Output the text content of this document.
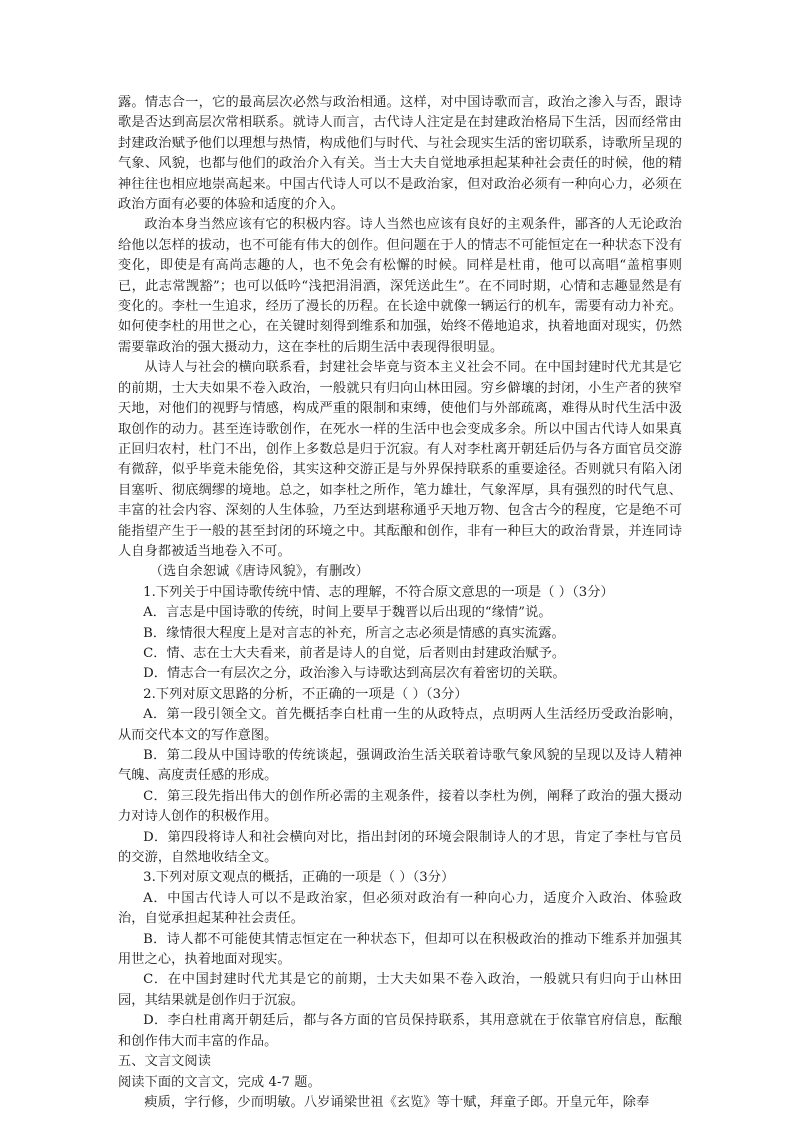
露。情志合一，它的最高层次必然与政治相通。这样，对中国诗歌而言，政治之渗入与否，跟诗歌是否达到高层次常相联系。就诗人而言，古代诗人注定是在封建政治格局下生活，因而经常由封建政治赋予他们以理想与热情，构成他们与时代、与社会现实生活的密切联系，诗歌所呈现的气象、风貌，也都与他们的政治介入有关。当士大夫自觉地承担起某种社会责任的时候，他的精神往往也相应地崇高起来。中国古代诗人可以不是政治家，但对政治必须有一种向心力，必须在政治方面有必要的体验和适度的介入。

政治本身当然应该有它的积极内容。诗人当然也应该有良好的主观条件，鄙吝的人无论政治给他以怎样的拔动，也不可能有伟大的创作。但问题在于人的情志不可能恒定在一种状态下没有变化，即使是有高尚志趣的人，也不免会有松懈的时候。同样是杜甫，他可以高唱“盖棺事则已，此志常觊豁”；也可以低吟“浅把涓涓酒，深凭送此生”。在不同时期，心情和志趣显然是有变化的。李杜一生追求，经历了漫长的历程。在长途中就像一辆运行的机车，需要有动力补充。如何使李杜的用世之心，在关键时刻得到维系和加强，始终不倦地追求，执着地面对现实，仍然需要靠政治的强大摄动力，这在李杜的后期生活中表现得很明显。

从诗人与社会的横向联系看，封建社会毕竟与资本主义社会不同。在中国封建时代尤其是它的前期，士大夫如果不卷入政治，一般就只有归向山林田园。穷乡僻壤的封闭，小生产者的狭窄天地，对他们的视野与情感，构成严重的限制和束缚，使他们与外部疏离，难得从时代生活中汲取创作的动力。甚至连诗歌创作，在死水一样的生活中也会变成多余。所以中国古代诗人如果真正回归农村，杜门不出，创作上多数总是归于沉寂。有人对李杜离开朝廷后仍与各方面官员交游有微辞，似乎毕竟未能免俗，其实这种交游正是与外界保持联系的重要途径。否则就只有陷入闭目塞听、彻底绸缪的境地。总之，如李杜之所作，笔力雄壮，气象浑厚，具有强烈的时代气息、丰富的社会内容、深刻的人生体验，乃至达到堪称通乎天地万物、包含古今的程度，它是绝不可能指望产生于一般的甚至封闭的环境之中。其酝酿和创作，非有一种巨大的政治背景，并连同诗人自身都被适当地卷入不可。

（选自余恕诚《唐诗风貌》，有删改）

1.下列关于中国诗歌传统中情、志的理解，不符合原文意思的一项是（ ）（3分）

A．言志是中国诗歌的传统，时间上要早于魏晋以后出现的“缘情”说。

B．缘情很大程度上是对言志的补充，所言之志必须是情感的真实流露。

C．情、志在士大夫看来，前者是诗人的自觉，后者则由封建政治赋予。

D．情志合一有层次之分，政治渗入与诗歌达到高层次有着密切的关联。

2.下列对原文思路的分析，不正确的一项是（ ）（3分）

A．第一段引领全文。首先概括李白杜甫一生的从政特点，点明两人生活经历受政治影响，从而交代本文的写作意图。

B．第二段从中国诗歌的传统谈起，强调政治生活关联着诗歌气象风貌的呈现以及诗人精神气魄、高度责任感的形成。

C．第三段先指出伟大的创作所必需的主观条件，接着以李杜为例，阐释了政治的强大摄动力对诗人创作的积极作用。

D．第四段将诗人和社会横向对比，指出封闭的环境会限制诗人的才思，肯定了李杜与官员的交游，自然地收结全文。

3.下列对原文观点的概括，正确的一项是（ ）（3分）

A．中国古代诗人可以不是政治家，但必须对政治有一种向心力，适度介入政治、体验政治，自觉承担起某种社会责任。

B．诗人都不可能使其情志恒定在一种状态下，但却可以在积极政治的推动下维系并加强其用世之心，执着地面对现实。

C．在中国封建时代尤其是它的前期，士大夫如果不卷入政治，一般就只有归向于山林田园，其结果就是创作归于沉寂。

D．李白杜甫离开朝廷后，都与各方面的官员保持联系，其用意就在于依靠官府信息，酝酿和创作伟大而丰富的作品。

五、文言文阅读

阅读下面的文言文，完成 4-7 题。

瘐质，字行修，少而明敏。八岁诵梁世祖《玄览》等十赋，拜童子郎。开皇元年，除奉
